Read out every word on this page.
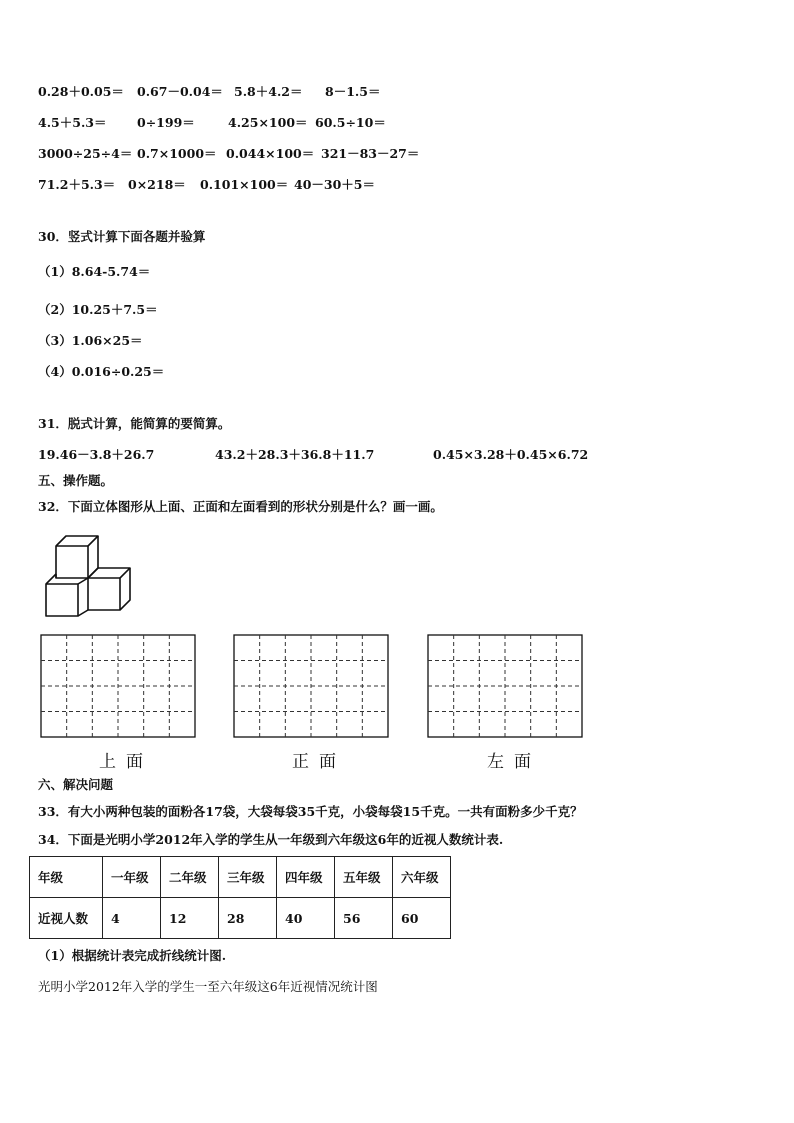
0.28＋0.05＝ 0.67－0.04＝ 5.8＋4.2＝ 8－1.5＝
4.5＋5.3＝ 0÷199＝	4.25×100＝ 60.5÷10＝
3000÷25÷4＝ 0.7×1000＝ 0.044×100＝ 321－83－27＝
71.2＋5.3＝ 0×218＝ 0.101×100＝ 40－30＋5＝
30．竖式计算下面各题并验算
（1）8.64-5.74＝
（2）10.25＋7.5＝
（3）1.06×25＝
（4）0.016÷0.25＝
31．脱式计算，能简算的要简算。
19.46－3.8＋26.7	43.2＋28.3＋36.8＋11.7	0.45×3.28＋0.45×6.72
五、操作题。
32．下面立体图形从上面、正面和左面看到的形状分别是什么？画一画。
上面	正面	左面
六、解决问题
33．有大小两种包装的面粉各17袋，大袋每袋35千克，小袋每袋15千克。一共有面粉多少千克？
34．下面是光明小学2012年入学的学生从一年级到六年级这6年的近视人数统计表.
年级	一年级	二年级	三年级	四年级	五年级	六年级
近视人数	4	12	28	40	56	60
（1）根据统计表完成折线统计图.
光明小学2012年入学的学生一至六年级这6年近视情况统计图
